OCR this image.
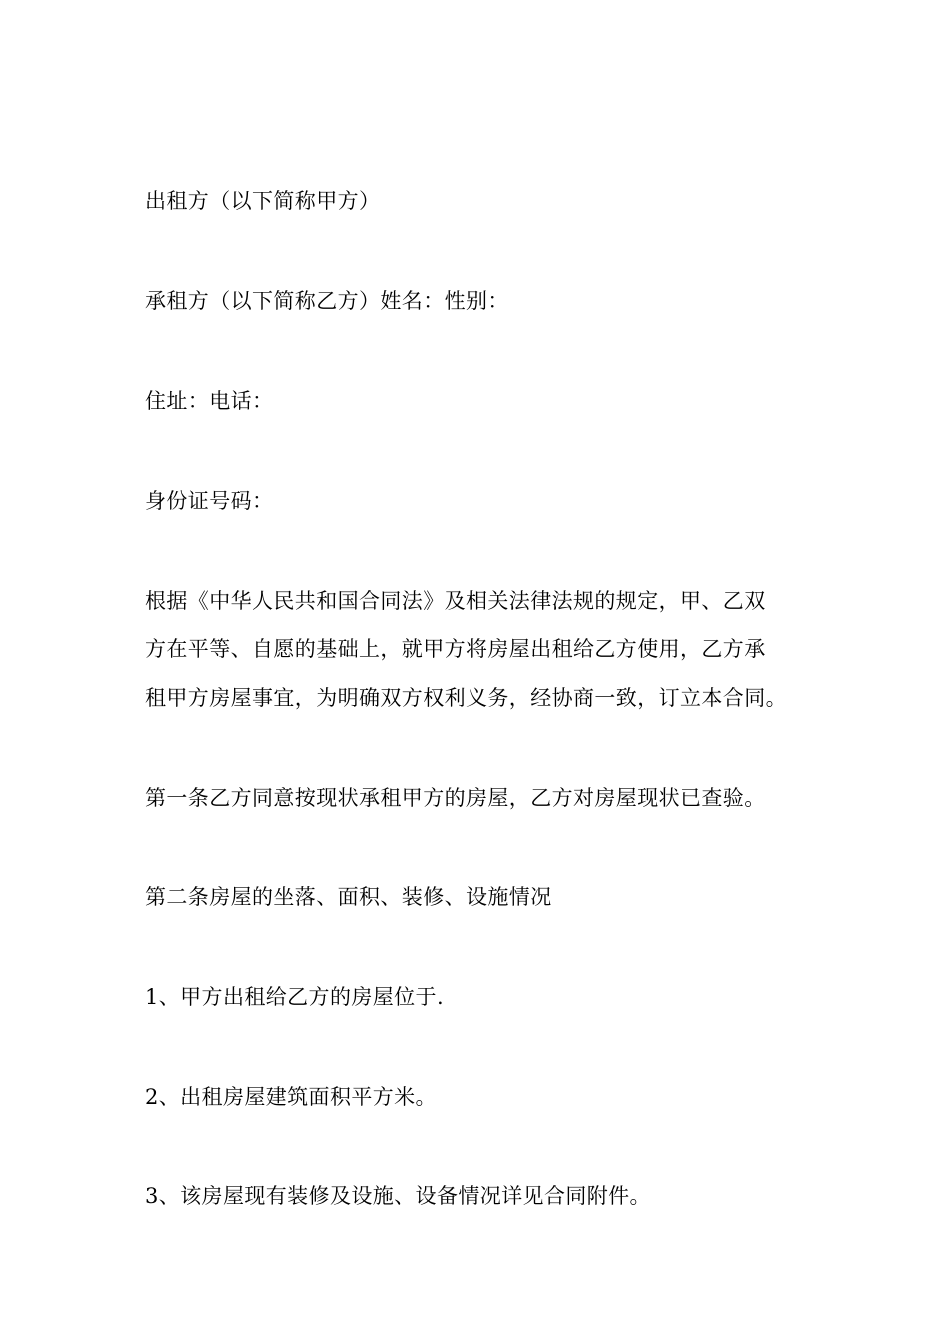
出租方（以下简称甲方）
承租方（以下简称乙方）姓名：性别：
住址：电话：
身份证号码：
根据《中华人民共和国合同法》及相关法律法规的规定，甲、乙双
方在平等、自愿的基础上，就甲方将房屋出租给乙方使用，乙方承
租甲方房屋事宜，为明确双方权利义务，经协商一致，订立本合同。
第一条乙方同意按现状承租甲方的房屋，乙方对房屋现状已查验。
第二条房屋的坐落、面积、装修、设施情况
1、甲方出租给乙方的房屋位于.
2、出租房屋建筑面积平方米。
3、该房屋现有装修及设施、设备情况详见合同附件。
